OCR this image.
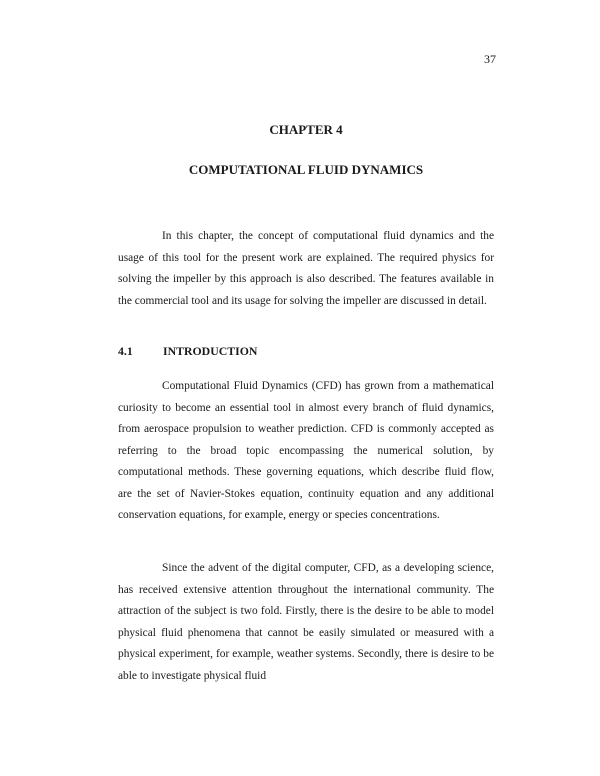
37
CHAPTER 4
COMPUTATIONAL FLUID DYNAMICS

In this chapter, the concept of computational fluid dynamics and the usage of this tool for the present work are explained. The required physics for solving the impeller by this approach is also described. The features available in the commercial tool and its usage for solving the impeller are discussed in detail.

4.1	INTRODUCTION

Computational Fluid Dynamics (CFD) has grown from a mathematical curiosity to become an essential tool in almost every branch of fluid dynamics, from aerospace propulsion to weather prediction. CFD is commonly accepted as referring to the broad topic encompassing the numerical solution, by computational methods. These governing equations, which describe fluid flow, are the set of Navier-Stokes equation, continuity equation and any additional conservation equations, for example, energy or species concentrations.

Since the advent of the digital computer, CFD, as a developing science, has received extensive attention throughout the international community. The attraction of the subject is two fold. Firstly, there is the desire to be able to model physical fluid phenomena that cannot be easily simulated or measured with a physical experiment, for example, weather systems. Secondly, there is desire to be able to investigate physical fluid
